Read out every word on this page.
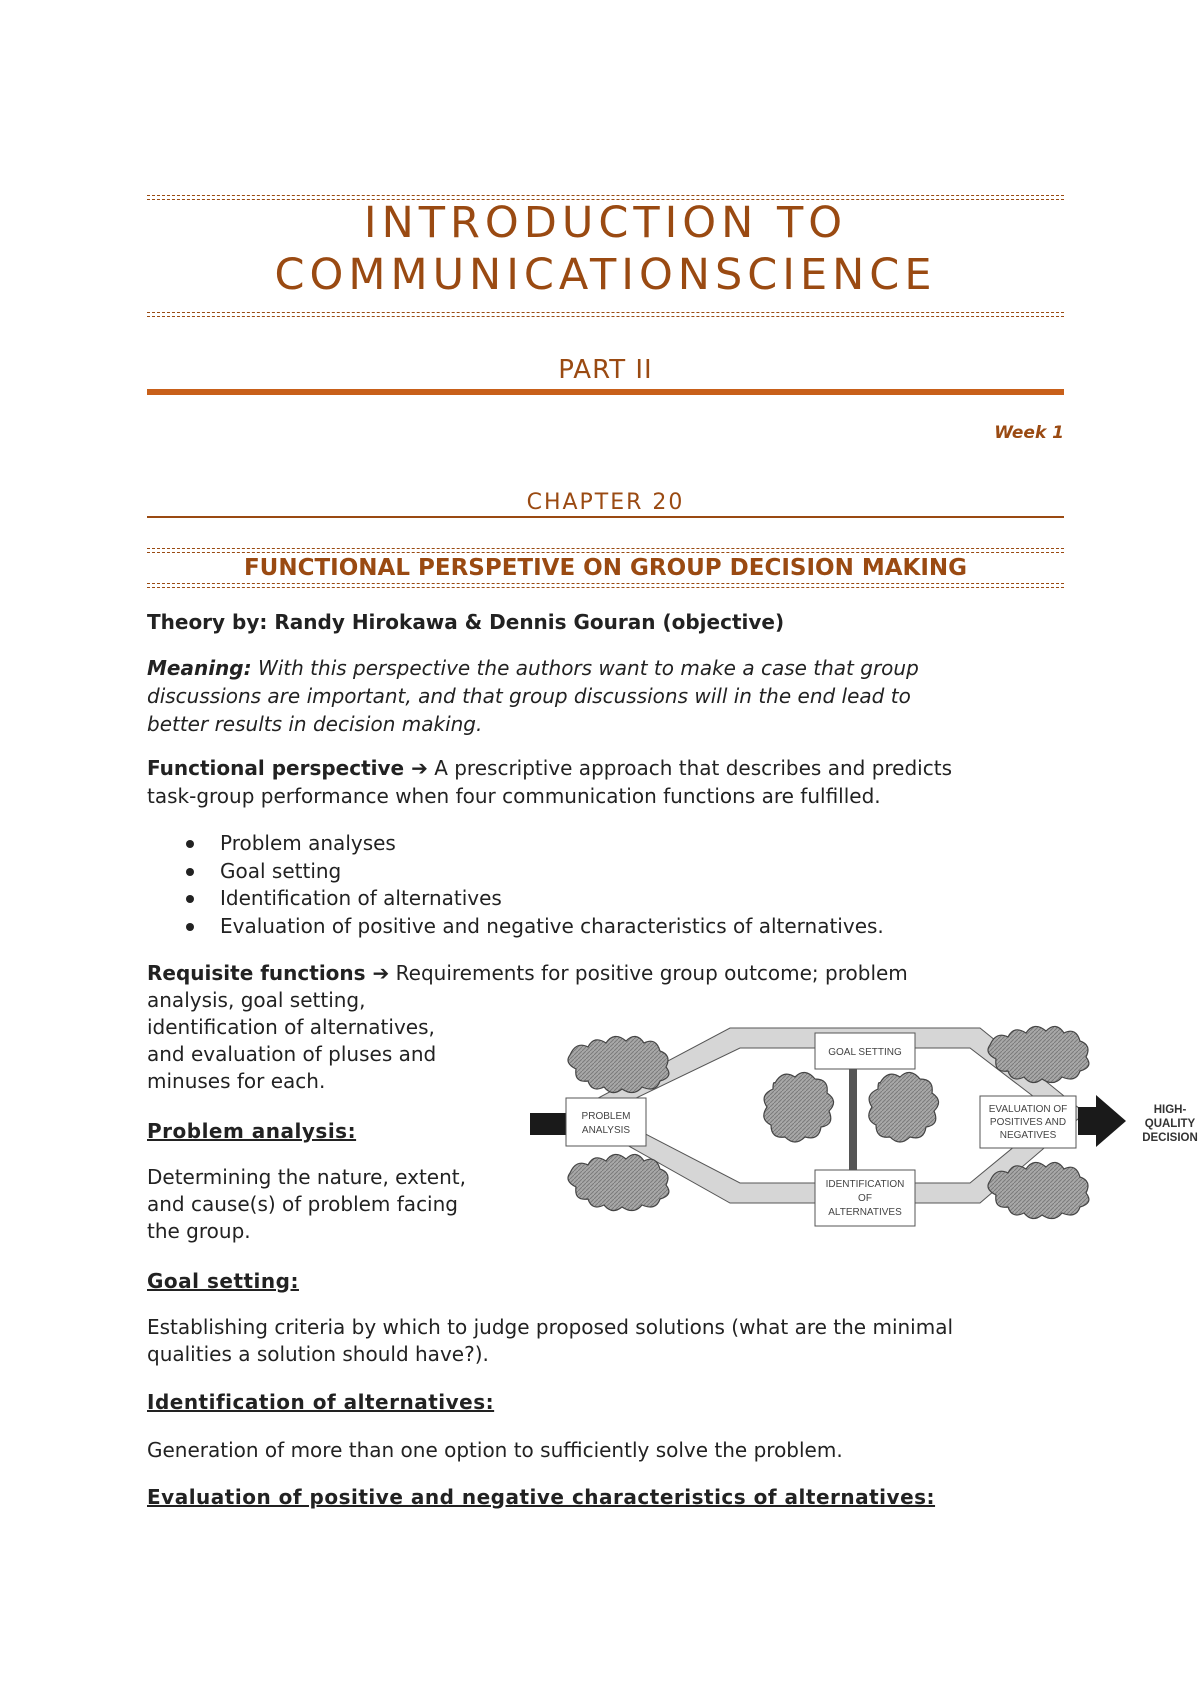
INTRODUCTION TO
COMMUNICATIONSCIENCE
PART II
Week 1
CHAPTER 20
FUNCTIONAL PERSPETIVE ON GROUP DECISION MAKING
Theory by: Randy Hirokawa & Dennis Gouran (objective)
Meaning: With this perspective the authors want to make a case that group
discussions are important, and that group discussions will in the end lead to
better results in decision making.
Functional perspective ➔ A prescriptive approach that describes and predicts
task-group performance when four communication functions are fulfilled.
Problem analyses
Goal setting
Identification of alternatives
Evaluation of positive and negative characteristics of alternatives.
Requisite functions ➔ Requirements for positive group outcome; problem
analysis, goal setting,
identification of alternatives,
and evaluation of pluses and
minuses for each.
Problem analysis:
Determining the nature, extent,
and cause(s) of problem facing
the group.
Goal setting:
Establishing criteria by which to judge proposed solutions (what are the minimal
qualities a solution should have?).
Identification of alternatives:
Generation of more than one option to sufficiently solve the problem.
Evaluation of positive and negative characteristics of alternatives:
GOAL SETTING
PROBLEM
ANALYSIS
EVALUATION OF
POSITIVES AND
NEGATIVES
IDENTIFICATION
OF
ALTERNATIVES
HIGH-
QUALITY
DECISION
